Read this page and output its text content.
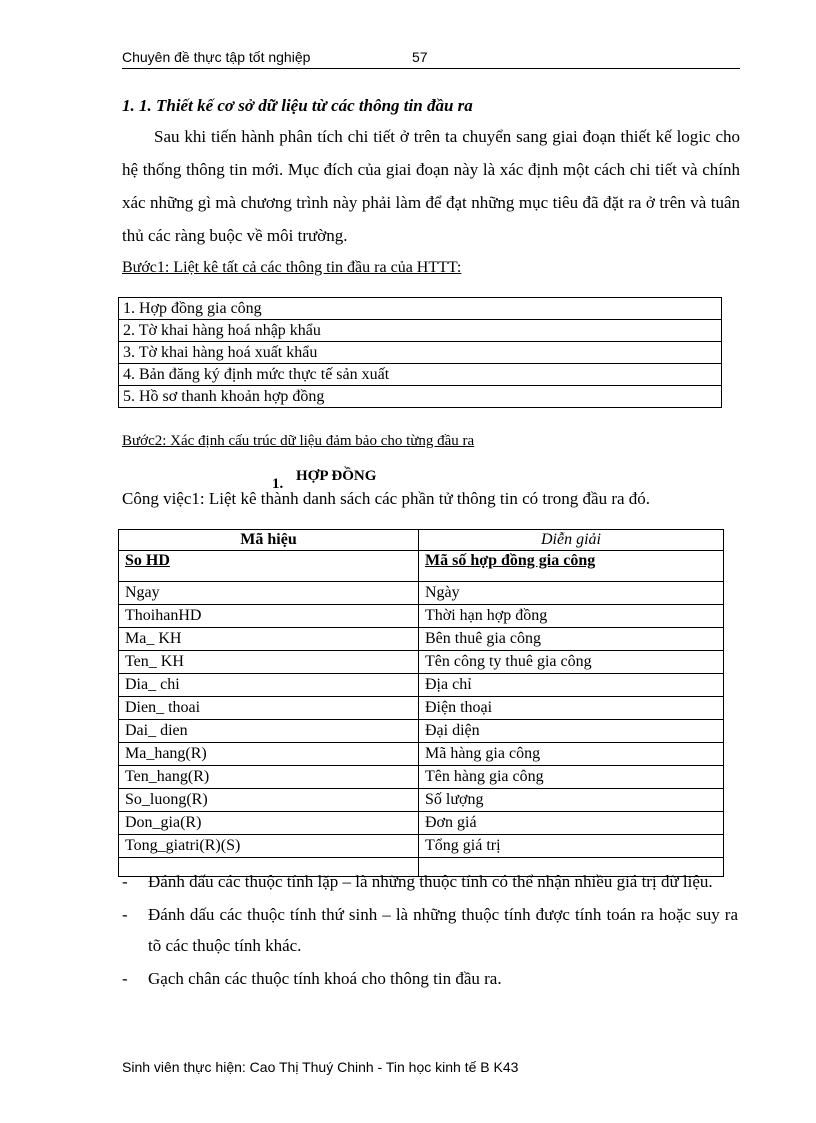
Chuyên đề thực tập tốt nghiệp	57
1. 1. Thiết kế cơ sở dữ liệu từ các thông tin đầu ra
Sau khi tiến hành phân tích chi tiết ở trên ta chuyển sang giai đoạn thiết kế logic cho hệ thống thông tin mới. Mục đích của giai đoạn này là xác định một cách chi tiết và chính xác những gì mà chương trình này phải làm để đạt những mục tiêu đã đặt ra ở trên và tuân thủ các ràng buộc về môi trường.
Bước1: Liệt kê tất cả các thông tin đầu ra của HTTT:
1. Hợp đồng gia công
2. Tờ khai hàng hoá nhập khẩu
3. Tờ khai hàng hoá xuất khẩu
4. Bản đăng ký định mức thực tế sản xuất
5. Hồ sơ thanh khoản hợp đồng
Bước2: Xác định cấu trúc dữ liệu đảm bảo cho từng đầu ra
1. HỢP ĐỒNG
Công việc1: Liệt kê thành danh sách các phần tử thông tin có trong đầu ra đó.
Mã hiệu	Diễn giải
So HD	Mã số hợp đồng gia công
Ngay	Ngày
ThoihanHD	Thời hạn hợp đồng
Ma_ KH	Bên thuê gia công
Ten_ KH	Tên công ty thuê gia công
Dia_ chi	Địa chỉ
Dien_ thoai	Điện thoại
Dai_ dien	Đại diện
Ma_hang(R)	Mã hàng gia công
Ten_hang(R)	Tên hàng gia công
So_luong(R)	Số lượng
Don_gia(R)	Đơn giá
Tong_giatri(R)(S)	Tổng giá trị

- Đánh dấu các thuộc tính lặp – là những thuộc tính có thể nhận nhiều giá trị dữ liệu.
- Đánh dấu các thuộc tính thứ sinh – là những thuộc tính được tính toán ra hoặc suy ra tõ các thuộc tính khác.
- Gạch chân các thuộc tính khoá cho thông tin đầu ra.
Sinh viên thực hiện: Cao Thị Thuý Chinh - Tin học kinh tế B K43
